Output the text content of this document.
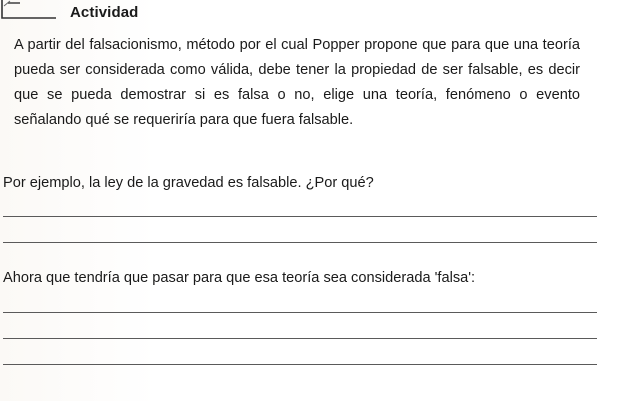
Actividad

A partir del falsacionismo, método por el cual Popper propone que para que una teoría pueda ser considerada como válida, debe tener la propiedad de ser falsable, es decir que se pueda demostrar si es falsa o no, elige una teoría, fenómeno o evento señalando qué se requeriría para que fuera falsable.

Por ejemplo, la ley de la gravedad es falsable. ¿Por qué?

Ahora que tendría que pasar para que esa teoría sea considerada 'falsa':
